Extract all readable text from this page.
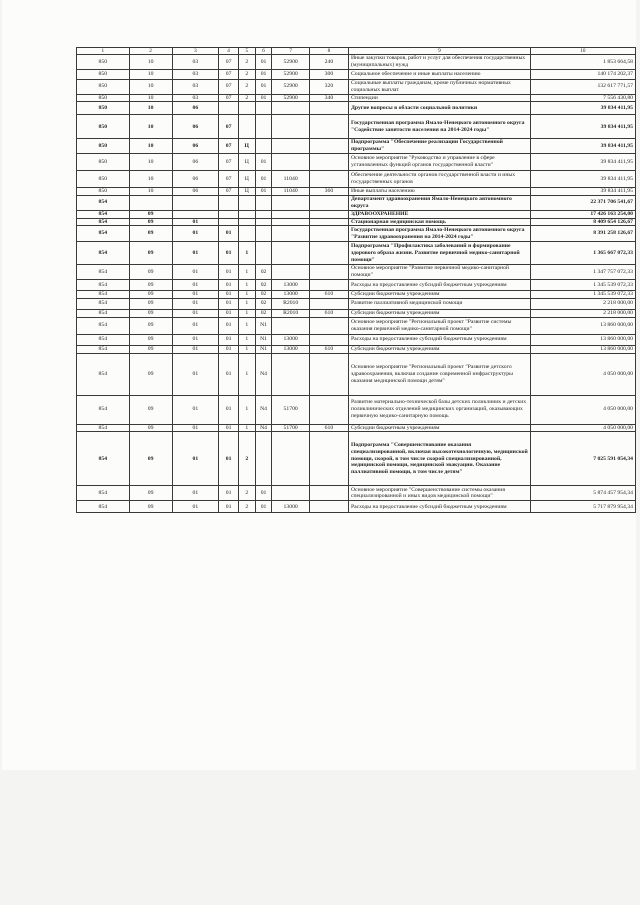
1	2	3	4	5	6	7	8	9	10
850	10	03	07	2	01	52900	240	Иные закупки товаров, работ и услуг для обеспечения государственных (муниципальных) нужд	1 853 664,58
850	10	03	07	2	01	52900	300	Социальное обеспечение и иные выплаты населению	140 174 202,37
850	10	03	07	2	01	52900	320	Социальные выплаты гражданам, кроме публичных нормативных социальных выплат	132 617 771,57
850	10	03	07	2	01	52900	340	Стипендии	7 556 430,80
850	10	06						Другие вопросы в области социальной политики	39 834 411,95
850	10	06	07					Государственная программа Ямало-Ненецкого автономного округа "Содействие занятости населения на 2014-2024 годы"	39 834 411,95
850	10	06	07	Ц				Подпрограмма "Обеспечение реализации Государственной программы"	39 834 411,95
850	10	06	07	Ц	01			Основное мероприятие "Руководство и управление в сфере установленных функций органов государственной власти"	39 834 411,95
850	10	06	07	Ц	01	11040		Обеспечение деятельности органов государственной власти и иных государственных органов	39 834 411,95
850	10	06	07	Ц	01	11040	360	Иные выплаты населению	39 834 411,95
854								Департамент здравоохранения Ямало-Ненецкого автономного округа	22 371 706 541,67
854	09							ЗДРАВООХРАНЕНИЕ	17 426 163 254,00
854	09	01						Стационарная медицинская помощь	8 409 654 126,67
854	09	01	01					Государственная программа Ямало-Ненецкого автономного округа "Развитие здравоохранения на 2014-2024 годы"	8 391 258 126,67
854	09	01	01	1				Подпрограмма "Профилактика заболеваний и формирование здорового образа жизни. Развитие первичной медико-санитарной помощи"	1 365 667 072,33
854	09	01	01	1	02			Основное мероприятие "Развитие первичной медико-санитарной помощи"	1 347 757 072,33
854	09	01	01	1	02	13000		Расходы на предоставление субсидий бюджетным учреждениям	1 345 539 072,33
854	09	01	01	1	02	13000	610	Субсидии бюджетным учреждениям	1 345 539 072,33
854	09	01	01	1	02	R2010		Развитие паллиативной медицинской помощи	2 218 000,00
854	09	01	01	1	02	R2010	610	Субсидии бюджетным учреждениям	2 218 000,00
854	09	01	01	1	N1			Основное мероприятие "Региональный проект "Развитие системы оказания первичной медико-санитарной помощи"	13 860 000,00
854	09	01	01	1	N1	13000		Расходы на предоставление субсидий бюджетным учреждениям	13 860 000,00
854	09	01	01	1	N1	13000	610	Субсидии бюджетным учреждениям	13 860 000,00
854	09	01	01	1	N4			Основное мероприятие "Региональный проект "Развитие детского здравоохранения, включая создание современной инфраструктуры оказания медицинской помощи детям"	4 050 000,00
854	09	01	01	1	N4	51700		Развитие материально-технической базы детских поликлиник и детских поликлинических отделений медицинских организаций, оказывающих первичную медико-санитарную помощь	4 050 000,00
854	09	01	01	1	N4	51700	610	Субсидии бюджетным учреждениям	4 050 000,00
854	09	01	01	2				Подпрограмма "Совершенствование оказания специализированной, включая высокотехнологичную, медицинской помощи, скорой, в том числе скорой специализированной, медицинской помощи, медицинской эвакуации. Оказание паллиативной помощи, в том числе детям"	7 025 591 054,34
854	09	01	01	2	01			Основное мероприятие "Совершенствование системы оказания специализированной и иных видов медицинской помощи"	5 874 457 954,34
854	09	01	01	2	01	13000		Расходы на предоставление субсидий бюджетным учреждениям	5 717 879 954,34
